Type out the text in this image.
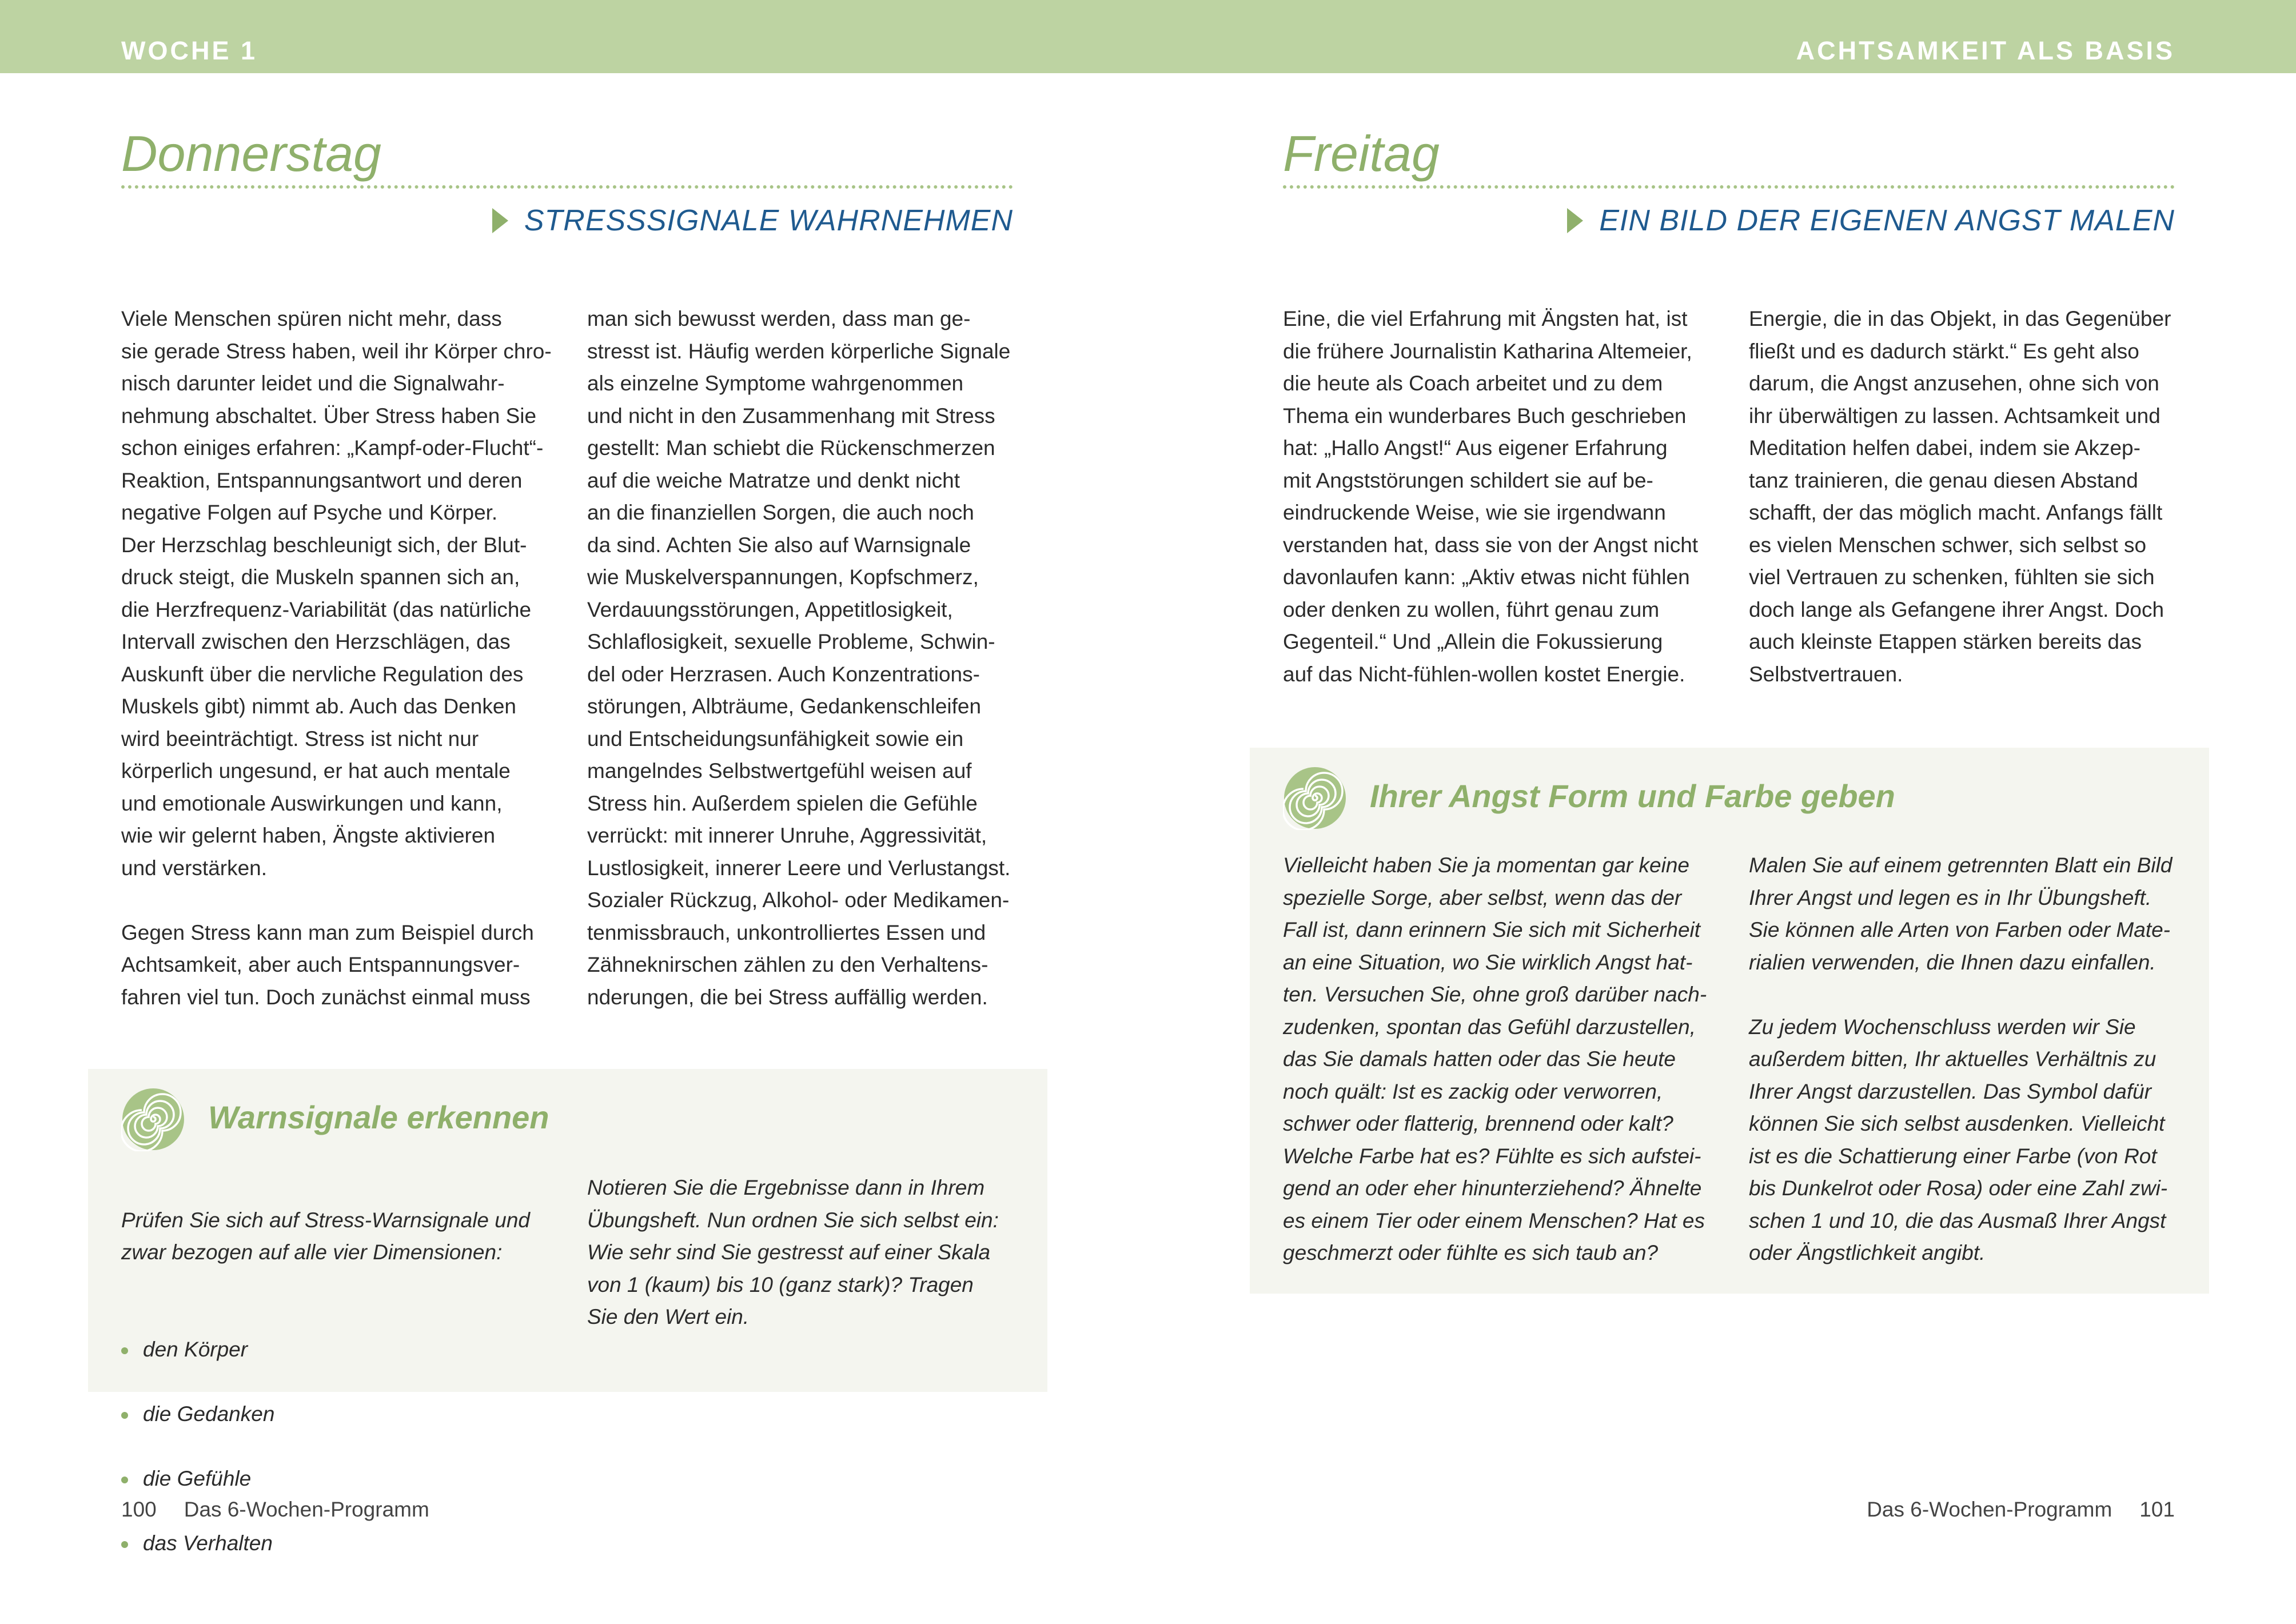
WOCHE 1	ACHTSAMKEIT ALS BASIS
Donnerstag
STRESSSIGNALE WAHRNEHMEN
Viele Menschen spüren nicht mehr, dass
sie gerade Stress haben, weil ihr Körper chro-
nisch darunter leidet und die Signalwahr-
nehmung abschaltet. Über Stress haben Sie
schon einiges erfahren: „Kampf-oder-Flucht“-
Reaktion, Entspannungsantwort und deren
negative Folgen auf Psyche und Körper.
Der Herzschlag beschleunigt sich, der Blut-
druck steigt, die Muskeln spannen sich an,
die Herzfrequenz-Variabilität (das natürliche
Intervall zwischen den Herzschlägen, das
Auskunft über die nervliche Regulation des
Muskels gibt) nimmt ab. Auch das Denken
wird beeinträchtigt. Stress ist nicht nur
körperlich ungesund, er hat auch mentale
und emotionale Auswirkungen und kann,
wie wir gelernt haben, Ängste aktivieren
und verstärken.

Gegen Stress kann man zum Beispiel durch
Achtsamkeit, aber auch Entspannungsver-
fahren viel tun. Doch zunächst einmal muss
man sich bewusst werden, dass man ge-
stresst ist. Häufig werden körperliche Signale
als einzelne Symptome wahrgenommen
und nicht in den Zusammenhang mit Stress
gestellt: Man schiebt die Rückenschmerzen
auf die weiche Matratze und denkt nicht
an die finanziellen Sorgen, die auch noch
da sind. Achten Sie also auf Warnsignale
wie Muskelverspannungen, Kopfschmerz,
Verdauungsstörungen, Appetitlosigkeit,
Schlaflosigkeit, sexuelle Probleme, Schwin-
del oder Herzrasen. Auch Konzentrations-
störungen, Albträume, Gedankenschleifen
und Entscheidungsunfähigkeit sowie ein
mangelndes Selbstwertgefühl weisen auf
Stress hin. Außerdem spielen die Gefühle
verrückt: mit innerer Unruhe, Aggressivität,
Lustlosigkeit, innerer Leere und Verlustangst.
Sozialer Rückzug, Alkohol- oder Medikamen-
tenmissbrauch, unkontrolliertes Essen und
Zähneknirschen zählen zu den Verhaltens-
nderungen, die bei Stress auffällig werden.
Warnsignale erkennen

Prüfen Sie sich auf Stress-Warnsignale und
zwar bezogen auf alle vier Dimensionen:

den Körper

die Gedanken

die Gefühle

das Verhalten

Notieren Sie die Ergebnisse dann in Ihrem
Übungsheft. Nun ordnen Sie sich selbst ein:
Wie sehr sind Sie gestresst auf einer Skala
von 1 (kaum) bis 10 (ganz stark)? Tragen
Sie den Wert ein.
100 Das 6-Wochen-Programm
Freitag
EIN BILD DER EIGENEN ANGST MALEN
Eine, die viel Erfahrung mit Ängsten hat, ist
die frühere Journalistin Katharina Altemeier,
die heute als Coach arbeitet und zu dem
Thema ein wunderbares Buch geschrieben
hat: „Hallo Angst!“ Aus eigener Erfahrung
mit Angststörungen schildert sie auf be-
eindruckende Weise, wie sie irgendwann
verstanden hat, dass sie von der Angst nicht
davonlaufen kann: „Aktiv etwas nicht fühlen
oder denken zu wollen, führt genau zum
Gegenteil.“ Und „Allein die Fokussierung
auf das Nicht-fühlen-wollen kostet Energie.
Energie, die in das Objekt, in das Gegenüber
fließt und es dadurch stärkt.“ Es geht also
darum, die Angst anzusehen, ohne sich von
ihr überwältigen zu lassen. Achtsamkeit und
Meditation helfen dabei, indem sie Akzep-
tanz trainieren, die genau diesen Abstand
schafft, der das möglich macht. Anfangs fällt
es vielen Menschen schwer, sich selbst so
viel Vertrauen zu schenken, fühlten sie sich
doch lange als Gefangene ihrer Angst. Doch
auch kleinste Etappen stärken bereits das
Selbstvertrauen.
Ihrer Angst Form und Farbe geben
Vielleicht haben Sie ja momentan gar keine
spezielle Sorge, aber selbst, wenn das der
Fall ist, dann erinnern Sie sich mit Sicherheit
an eine Situation, wo Sie wirklich Angst hat-
ten. Versuchen Sie, ohne groß darüber nach-
zudenken, spontan das Gefühl darzustellen,
das Sie damals hatten oder das Sie heute
noch quält: Ist es zackig oder verworren,
schwer oder flatterig, brennend oder kalt?
Welche Farbe hat es? Fühlte es sich aufstei-
gend an oder eher hinunterziehend? Ähnelte
es einem Tier oder einem Menschen? Hat es
geschmerzt oder fühlte es sich taub an?
Malen Sie auf einem getrennten Blatt ein Bild
Ihrer Angst und legen es in Ihr Übungsheft.
Sie können alle Arten von Farben oder Mate-
rialien verwenden, die Ihnen dazu einfallen.

Zu jedem Wochenschluss werden wir Sie
außerdem bitten, Ihr aktuelles Verhältnis zu
Ihrer Angst darzustellen. Das Symbol dafür
können Sie sich selbst ausdenken. Vielleicht
ist es die Schattierung einer Farbe (von Rot
bis Dunkelrot oder Rosa) oder eine Zahl zwi-
schen 1 und 10, die das Ausmaß Ihrer Angst
oder Ängstlichkeit angibt.
Das 6-Wochen-Programm 101
